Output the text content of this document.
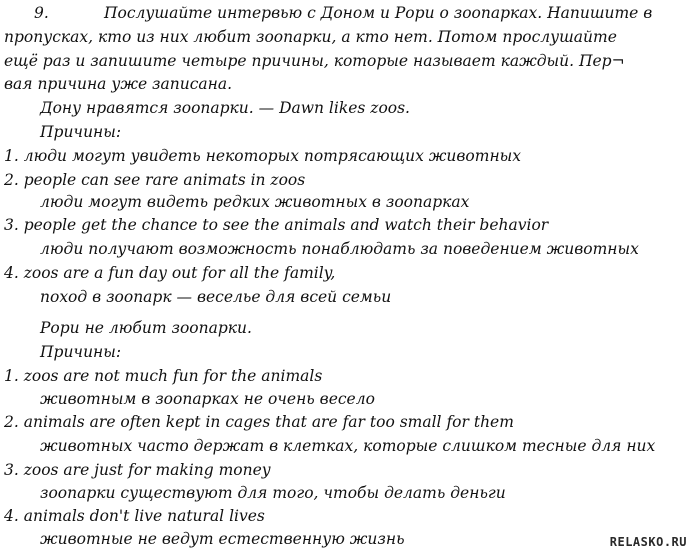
9.	Послушайте интервью с Доном и Рори о зоопарках. Напишите в
пропусках, кто из них любит зоопарки, а кто нет. Потом прослушайте
ещё раз и запишите четыре причины, которые называет каждый. Пер¬
вая причина уже записана.
Дону нравятся зоопарки. — Dawn likes zoos.
Причины:
1. люди могут увидеть некоторых потрясающих животных
2. people can see rare animats in zoos
люди могут видеть редких животных в зоопарках
3. people get the chance to see the animals and watch their behavior
люди получают возможность понаблюдать за поведением животных
4. zoos are a fun day out for all the family,
поход в зоопарк — веселье для всей семьи
Рори не любит зоопарки.
Причины:
1. zoos are not much fun for the animals
животным в зоопарках не очень весело
2. animals are often kept in cages that are far too small for them
животных часто держат в клетках, которые слишком тесные для них
3. zoos are just for making money
зоопарки существуют для того, чтобы делать деньги
4. animals don't live natural lives
животные не ведут естественную жизнь	RELASKO.RU
